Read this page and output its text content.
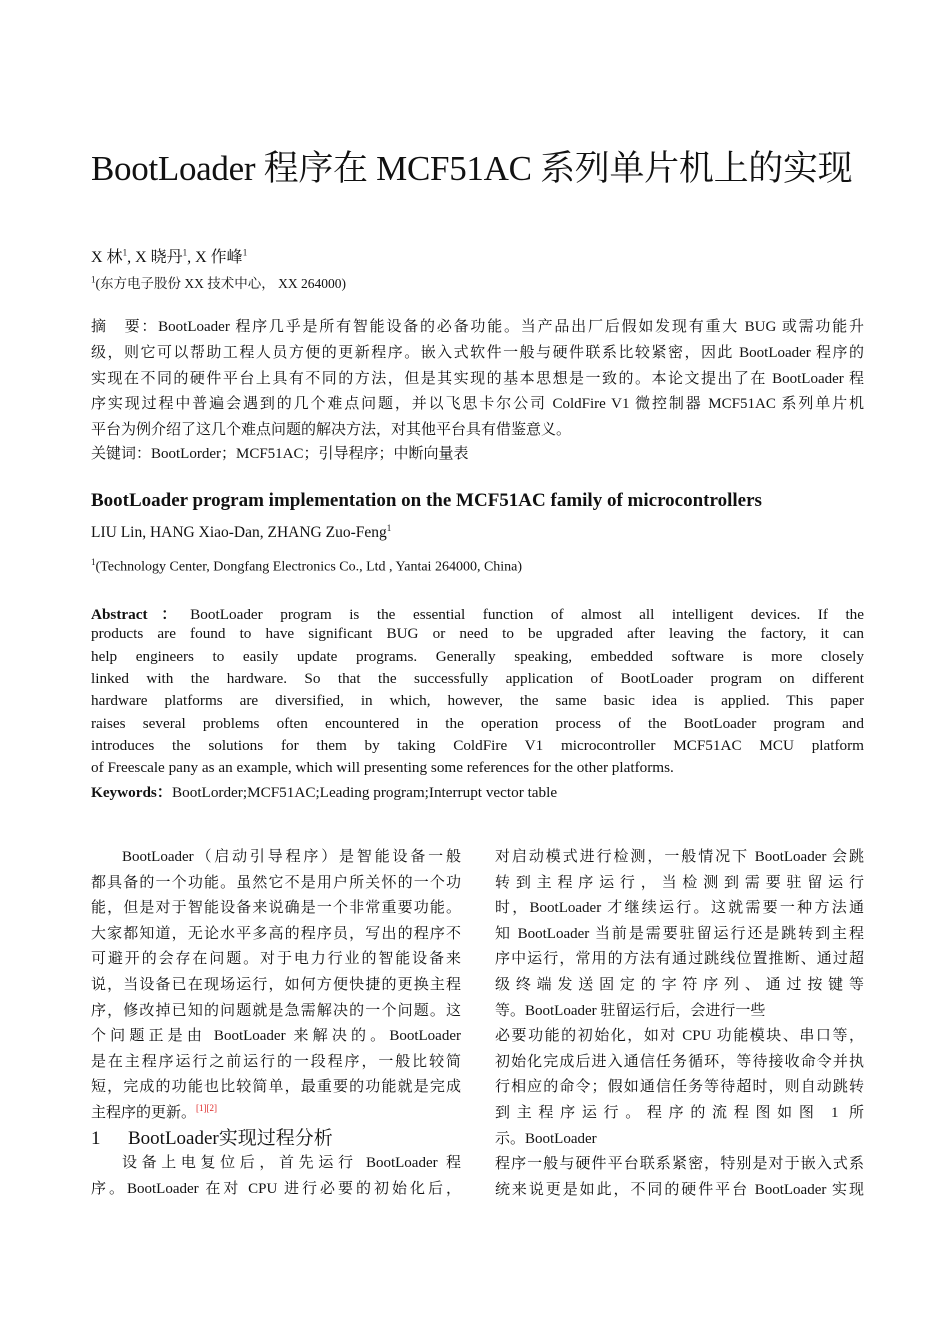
BootLoader 程序在 MCF51AC 系列单片机上的实现
X 林$^1$, X 晓丹$^1$, X 作峰$^1$
$^1$(东方电子股份 XX 技术中心， XX 264000)
摘　要：BootLoader 程序几乎是所有智能设备的必备功能。当产品出厂后假如发现有重大 BUG 或需功能升
级，则它可以帮助工程人员方便的更新程序。嵌入式软件一般与硬件联系比较紧密，因此 BootLoader 程序的
实现在不同的硬件平台上具有不同的方法，但是其实现的基本思想是一致的。本论文提出了在 BootLoader 程
序实现过程中普遍会遇到的几个难点问题，并以飞思卡尔公司 ColdFire V1 微控制器 MCF51AC 系列单片机
平台为例介绍了这几个难点问题的解决方法，对其他平台具有借鉴意义。
关键词：BootLorder；MCF51AC；引导程序；中断向量表
BootLoader program implementation on the MCF51AC family of microcontrollers
LIU Lin, HANG Xiao-Dan, ZHANG Zuo-Feng$^1$
$^1$(Technology Center, Dongfang Electronics Co., Ltd , Yantai 264000, China)
Abstract：BootLoader program is the essential function of almost all intelligent devices. If the
products are found to have significant BUG or need to be upgraded after leaving the factory, it can
help engineers to easily update programs. Generally speaking, embedded software is more closely
linked with the hardware. So that the successfully application of BootLoader program on different
hardware platforms are diversified, in which, however, the same basic idea is applied. This paper
raises several problems often encountered in the operation process of the BootLoader program and
introduces the solutions for them by taking ColdFire V1 microcontroller MCF51AC MCU platform
of Freescale pany as an example, which will presenting some references for the other platforms.
Keywords：BootLorder;MCF51AC;Leading program;Interrupt vector table
BootLoader（启动引导程序）是智能设备一般
都具备的一个功能。虽然它不是用户所关怀的一个功
能，但是对于智能设备来说确是一个非常重要功能。
大家都知道，无论水平多高的程序员，写出的程序不
可避开的会存在问题。对于电力行业的智能设备来
说，当设备已在现场运行，如何方便快捷的更换主程
序，修改掉已知的问题就是急需解决的一个问题。这
个问题正是由 BootLoader 来解决的。BootLoader
是在主程序运行之前运行的一段程序，一般比较简
短，完成的功能也比较简单，最重要的功能就是完成
主程序的更新。[1][2]
设备上电复位后，首先运行 BootLoader 程
序。BootLoader 在对 CPU 进行必要的初始化后，
1 BootLoader实现过程分析
对启动模式进行检测，一般情况下 BootLoader 会跳
转到主程序运行，当检测到需要驻留运行
时，BootLoader 才继续运行。这就需要一种方法通
知 BootLoader 当前是需要驻留运行还是跳转到主程
序中运行，常用的方法有通过跳线位置推断、通过超
级终端发送固定的字符序列、通过按键等
等。BootLoader 驻留运行后，会进行一些
必要功能的初始化，如对 CPU 功能模块、串口等，
初始化完成后进入通信任务循环，等待接收命令并执
行相应的命令；假如通信任务等待超时，则自动跳转
到主程序运行。程序的流程图如图 1 所
示。BootLoader
程序一般与硬件平台联系紧密，特别是对于嵌入式系
统来说更是如此，不同的硬件平台 BootLoader 实现
